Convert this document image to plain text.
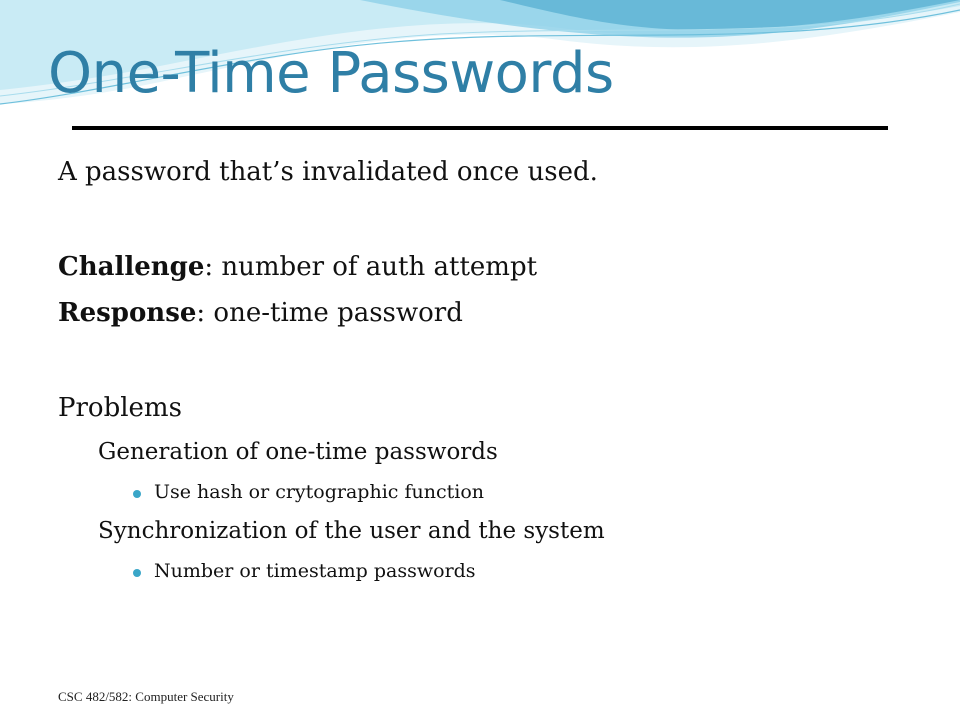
One-Time Passwords
A password that’s invalidated once used.
Challenge: number of auth attempt
Response: one-time password
Problems
Generation of one-time passwords
Use hash or crytographic function
Synchronization of the user and the system
Number or timestamp passwords
CSC 482/582: Computer Security
